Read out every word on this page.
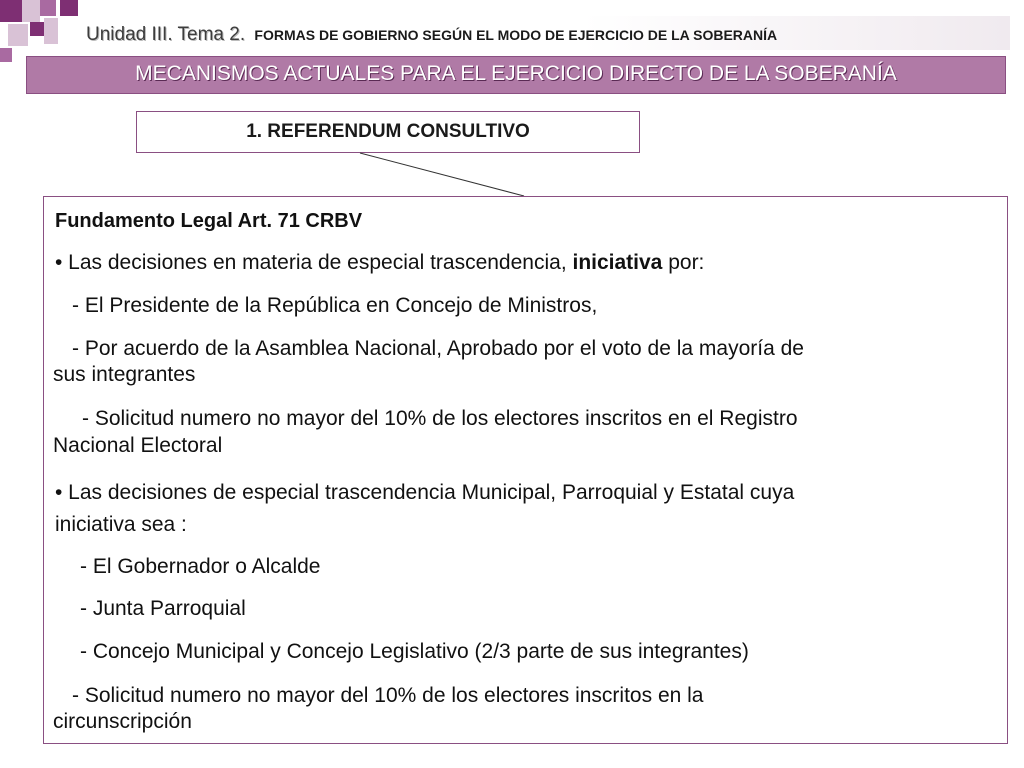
Unidad III. Tema 2. FORMAS DE GOBIERNO SEGÚN EL MODO DE EJERCICIO DE LA SOBERANÍA
MECANISMOS ACTUALES PARA EL EJERCICIO DIRECTO DE LA SOBERANÍA
1. REFERENDUM CONSULTIVO

Fundamento Legal Art. 71 CRBV

• Las decisiones en materia de especial trascendencia, iniciativa por:

- El Presidente de la República en Concejo de Ministros,

- Por acuerdo de la Asamblea Nacional, Aprobado por el voto de la mayoría de

sus integrantes

- Solicitud numero no mayor del 10% de los electores inscritos en el Registro

Nacional Electoral

• Las decisiones de especial trascendencia Municipal, Parroquial y Estatal cuya

iniciativa sea :

- El Gobernador o Alcalde

- Junta Parroquial

- Concejo Municipal y Concejo Legislativo (2/3 parte de sus integrantes)

- Solicitud numero no mayor del 10% de los electores inscritos en la

circunscripción
